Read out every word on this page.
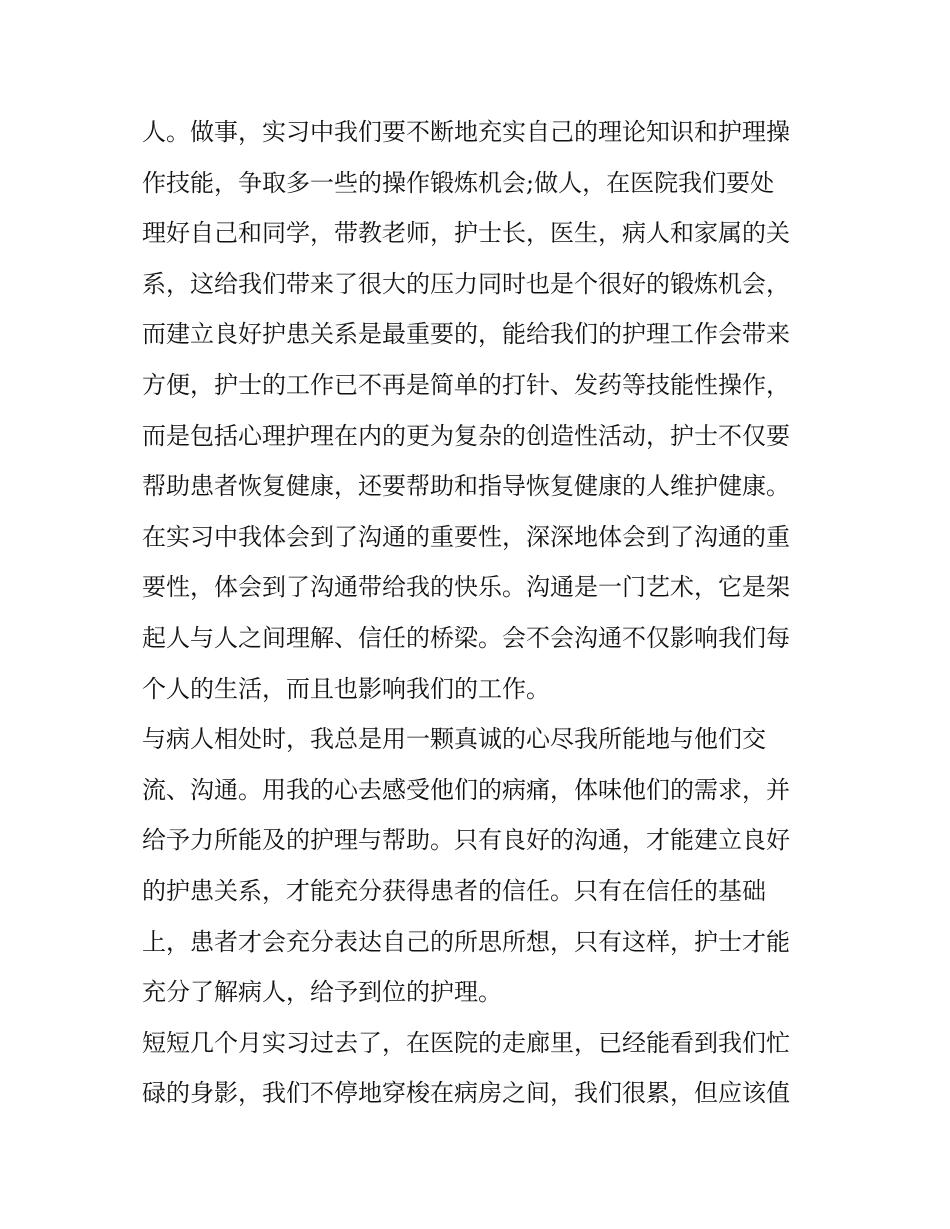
人。做事，实习中我们要不断地充实自己的理论知识和护理操
作技能，争取多一些的操作锻炼机会;做人，在医院我们要处
理好自己和同学，带教老师，护士长，医生，病人和家属的关
系，这给我们带来了很大的压力同时也是个很好的锻炼机会，
而建立良好护患关系是最重要的，能给我们的护理工作会带来
方便，护士的工作已不再是简单的打针、发药等技能性操作，
而是包括心理护理在内的更为复杂的创造性活动，护士不仅要
帮助患者恢复健康，还要帮助和指导恢复健康的人维护健康。
在实习中我体会到了沟通的重要性，深深地体会到了沟通的重
要性，体会到了沟通带给我的快乐。沟通是一门艺术，它是架
起人与人之间理解、信任的桥梁。会不会沟通不仅影响我们每
个人的生活，而且也影响我们的工作。
与病人相处时，我总是用一颗真诚的心尽我所能地与他们交
流、沟通。用我的心去感受他们的病痛，体味他们的需求，并
给予力所能及的护理与帮助。只有良好的沟通，才能建立良好
的护患关系，才能充分获得患者的信任。只有在信任的基础
上，患者才会充分表达自己的所思所想，只有这样，护士才能
充分了解病人，给予到位的护理。
短短几个月实习过去了，在医院的走廊里，已经能看到我们忙
碌的身影，我们不停地穿梭在病房之间，我们很累，但应该值
